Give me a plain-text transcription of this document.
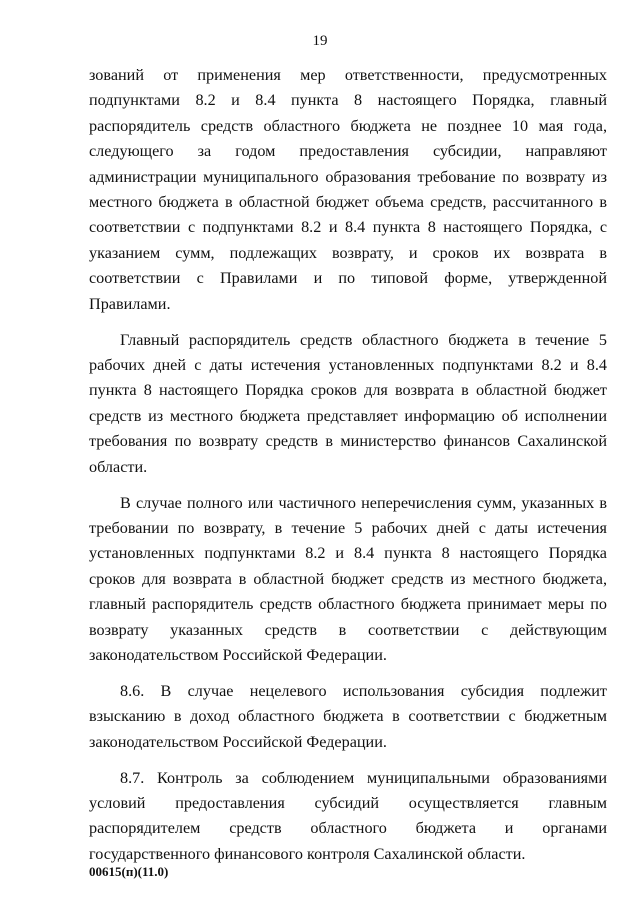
19

зований от применения мер ответственности, предусмотренных подпунктами 8.2 и 8.4 пункта 8 настоящего Порядка, главный распорядитель средств областного бюджета не позднее 10 мая года, следующего за годом предоставления субсидии, направляют администрации муниципального образования требование по возврату из местного бюджета в областной бюджет объема средств, рассчитанного в соответствии с подпунктами 8.2 и 8.4 пункта 8 настоящего Порядка, с указанием сумм, подлежащих возврату, и сроков их возврата в соответствии с Правилами и по типовой форме, утвержденной Правилами.

Главный распорядитель средств областного бюджета в течение 5 рабочих дней с даты истечения установленных подпунктами 8.2 и 8.4 пункта 8 настоящего Порядка сроков для возврата в областной бюджет средств из местного бюджета представляет информацию об исполнении требования по возврату средств в министерство финансов Сахалинской области.

В случае полного или частичного неперечисления сумм, указанных в требовании по возврату, в течение 5 рабочих дней с даты истечения установленных подпунктами 8.2 и 8.4 пункта 8 настоящего Порядка сроков для возврата в областной бюджет средств из местного бюджета, главный распорядитель средств областного бюджета принимает меры по возврату указанных средств в соответствии с действующим законодательством Российской Федерации.

8.6. В случае нецелевого использования субсидия подлежит взысканию в доход областного бюджета в соответствии с бюджетным законодательством Российской Федерации.

8.7. Контроль за соблюдением муниципальными образованиями условий предоставления субсидий осуществляется главным распорядителем средств областного бюджета и органами государственного финансового контроля Сахалинской области.

00615(п)(11.0)
